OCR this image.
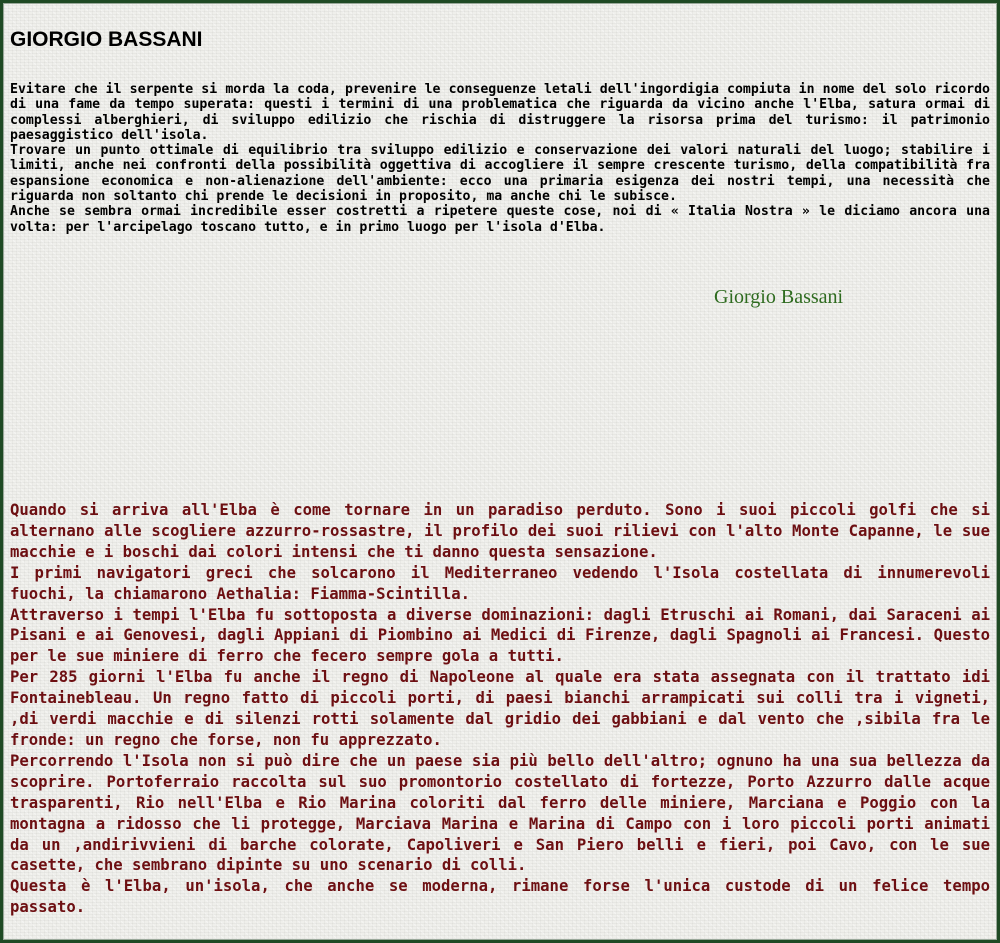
GIORGIO BASSANI

Evitare che il serpente si morda la coda, prevenire le conseguenze letali dell'ingordigia compiuta in nome del solo ricordo di una fame da tempo superata: questi i termini di una problematica che riguarda da vicino anche l'Elba, satura ormai di complessi alberghieri, di sviluppo edilizio che rischia di distruggere la risorsa prima del turismo: il patrimonio paesaggistico dell'isola.

Trovare un punto ottimale di equilibrio tra sviluppo edilizio e conservazione dei valori naturali del luogo; stabilire i limiti, anche nei confronti della possibilità oggettiva di accogliere il sempre crescente turismo, della compatibilità fra espansione economica e non-alienazione dell'ambiente: ecco una primaria esigenza dei nostri tempi, una necessità che riguarda non soltanto chi prende le decisioni in proposito, ma anche chi le subisce.

Anche se sembra ormai incredibile esser costretti a ripetere queste cose, noi di « Italia Nostra » le diciamo ancora una volta: per l'arcipelago toscano tutto, e in primo luogo per l'isola d'Elba.

Giorgio Bassani

Quando si arriva all'Elba è come tornare in un paradiso perduto. Sono i suoi piccoli golfi che si alternano alle scogliere azzurro-rossastre, il profilo dei suoi rilievi con l'alto Monte Capanne, le sue macchie e i boschi dai colori intensi che ti danno questa sensazione.

I primi navigatori greci che solcarono il Mediterraneo vedendo l'Isola costellata di innumerevoli fuochi, la chiamarono Aethalia: Fiamma-Scintilla.

Attraverso i tempi l'Elba fu sottoposta a diverse dominazioni: dagli Etruschi ai Romani, dai Saraceni ai Pisani e ai Genovesi, dagli Appiani di Piombino ai Medici di Firenze, dagli Spagnoli ai Francesi. Questo per le sue miniere di ferro che fecero sempre gola a tutti.

Per 285 giorni l'Elba fu anche il regno di Napoleone al quale era stata assegnata con il trattato idi Fontainebleau. Un regno fatto di piccoli porti, di paesi bianchi arrampicati sui colli tra i vigneti, ,di verdi macchie e di silenzi rotti solamente dal gridio dei gabbiani e dal vento che ,sibila fra le fronde: un regno che forse, non fu apprezzato.

Percorrendo l'Isola non si può dire che un paese sia più bello dell'altro; ognuno ha una sua bellezza da scoprire. Portoferraio raccolta sul suo promontorio costellato di fortezze, Porto Azzurro dalle acque trasparenti, Rio nell'Elba e Rio Marina coloriti dal ferro delle miniere, Marciana e Poggio con la montagna a ridosso che li protegge, Marciava Marina e Marina di Campo con i loro piccoli porti animati da un ,andirivvieni di barche colorate, Capoliveri e San Piero belli e fieri, poi Cavo, con le sue casette, che sembrano dipinte su uno scenario di colli.

Questa è l'Elba, un'isola, che anche se moderna, rimane forse l'unica custode di un felice tempo passato.
